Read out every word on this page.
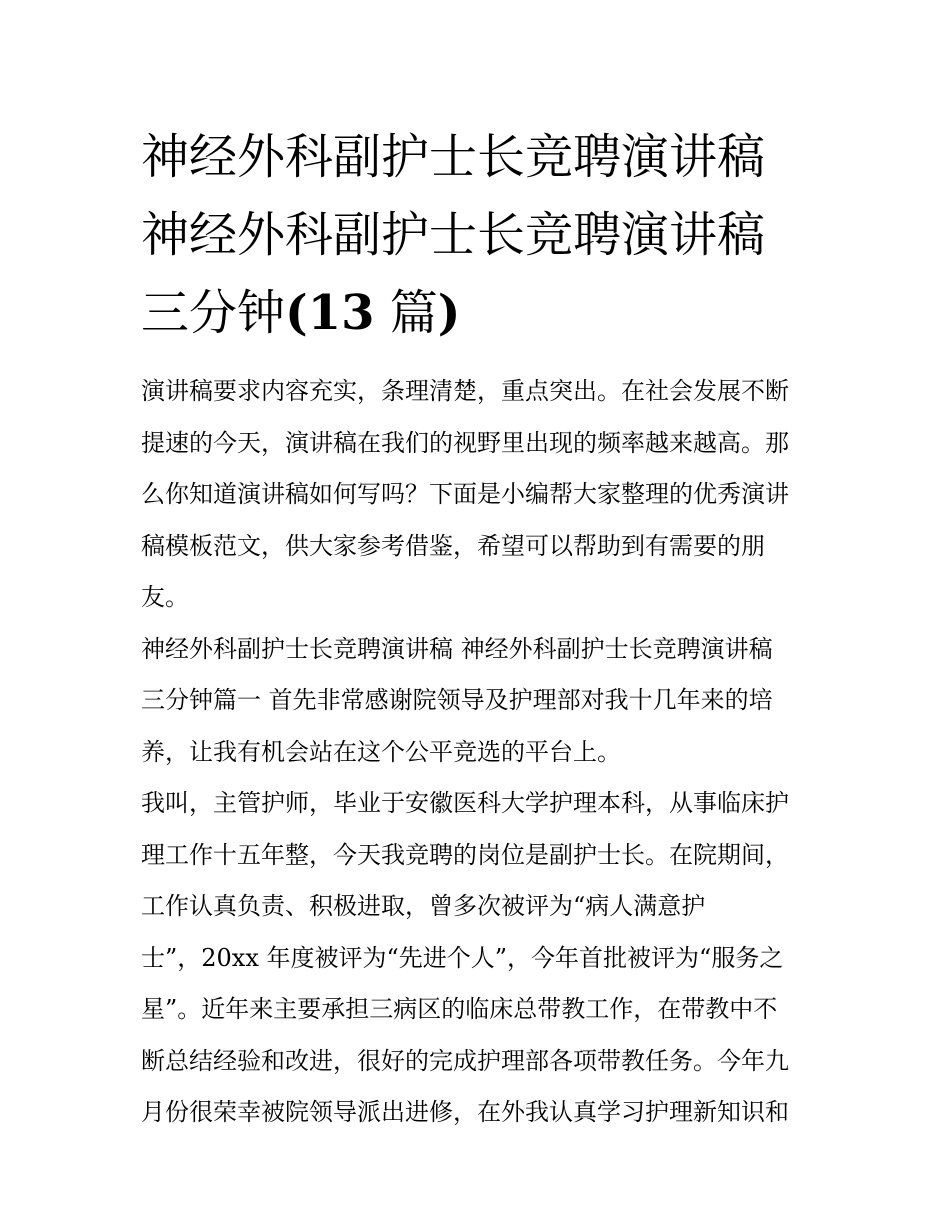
神经外科副护士长竞聘演讲稿
神经外科副护士长竞聘演讲稿
三分钟(13 篇)
演讲稿要求内容充实，条理清楚，重点突出。在社会发展不断
提速的今天，演讲稿在我们的视野里出现的频率越来越高。那
么你知道演讲稿如何写吗？下面是小编帮大家整理的优秀演讲
稿模板范文，供大家参考借鉴，希望可以帮助到有需要的朋
友。
神经外科副护士长竞聘演讲稿 神经外科副护士长竞聘演讲稿
三分钟篇一 首先非常感谢院领导及护理部对我十几年来的培
养，让我有机会站在这个公平竞选的平台上。
我叫，主管护师，毕业于安徽医科大学护理本科，从事临床护
理工作十五年整，今天我竞聘的岗位是副护士长。在院期间，
工作认真负责、积极进取，曾多次被评为“病人满意护
士”，20xx 年度被评为“先进个人”，今年首批被评为“服务之
星”。近年来主要承担三病区的临床总带教工作，在带教中不
断总结经验和改进，很好的完成护理部各项带教任务。今年九
月份很荣幸被院领导派出进修，在外我认真学习护理新知识和
